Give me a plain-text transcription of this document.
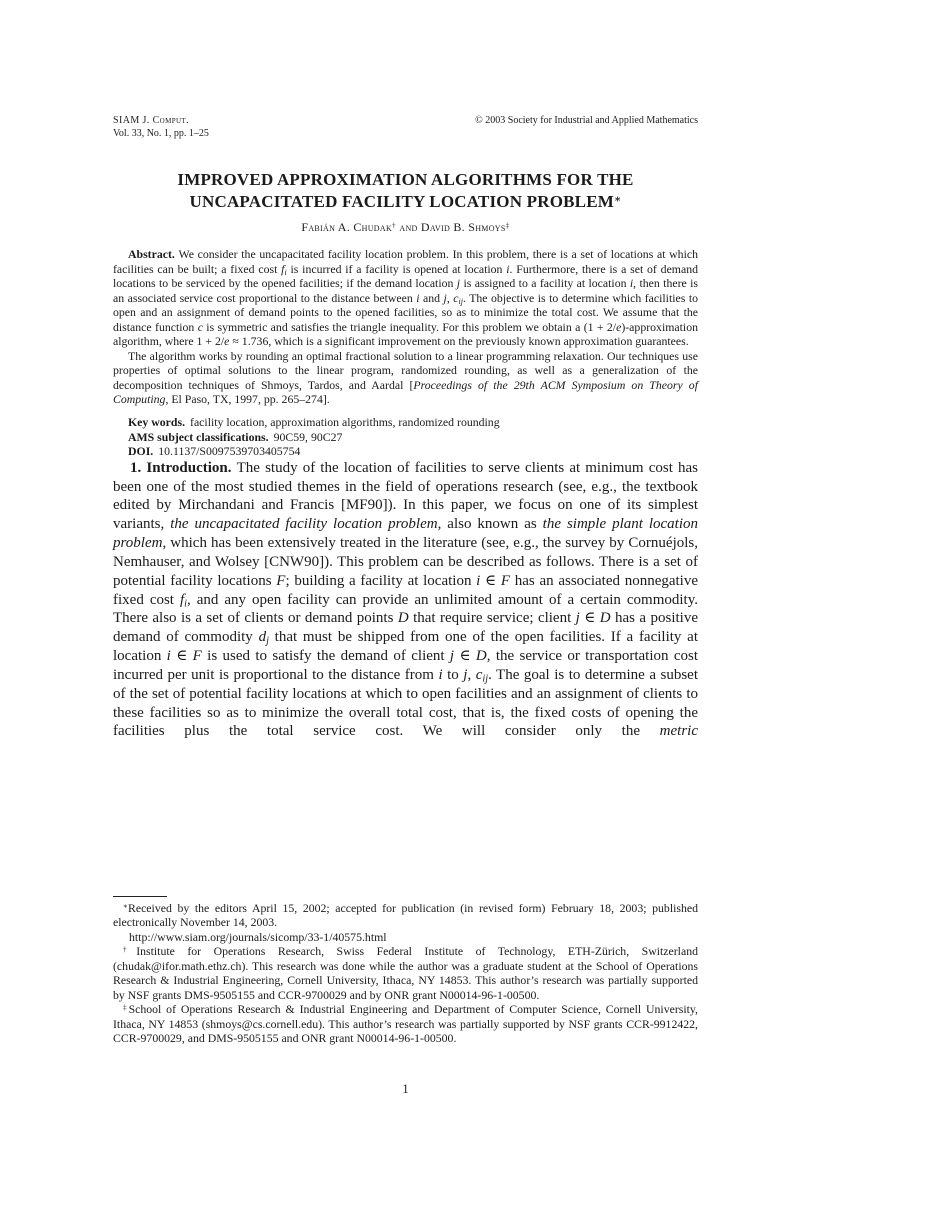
SIAM J. Comput.
Vol. 33, No. 1, pp. 1–25
© 2003 Society for Industrial and Applied Mathematics
IMPROVED APPROXIMATION ALGORITHMS FOR THE
UNCAPACITATED FACILITY LOCATION PROBLEM∗
Fabián A. Chudak† and David B. Shmoys‡

Abstract. We consider the uncapacitated facility location problem. In this problem, there is a set of locations at which facilities can be built; a fixed cost $f_i$ is incurred if a facility is opened at location i. Furthermore, there is a set of demand locations to be serviced by the opened facilities; if the demand location j is assigned to a facility at location i, then there is an associated service cost proportional to the distance between i and j, $c_{ij}$. The objective is to determine which facilities to open and an assignment of demand points to the opened facilities, so as to minimize the total cost. We assume that the distance function c is symmetric and satisfies the triangle inequality. For this problem we obtain a (1 + 2/e)-approximation algorithm, where 1 + 2/e ≈ 1.736, which is a significant improvement on the previously known approximation guarantees.

The algorithm works by rounding an optimal fractional solution to a linear programming relaxation. Our techniques use properties of optimal solutions to the linear program, randomized rounding, as well as a generalization of the decomposition techniques of Shmoys, Tardos, and Aardal [Proceedings of the 29th ACM Symposium on Theory of Computing, El Paso, TX, 1997, pp. 265–274].

Key words. facility location, approximation algorithms, randomized rounding

AMS subject classifications. 90C59, 90C27

DOI. 10.1137/S0097539703405754

1. Introduction. The study of the location of facilities to serve clients at minimum cost has been one of the most studied themes in the field of operations research (see, e.g., the textbook edited by Mirchandani and Francis [MF90]). In this paper, we focus on one of its simplest variants, the uncapacitated facility location problem, also known as the simple plant location problem, which has been extensively treated in the literature (see, e.g., the survey by Cornuéjols, Nemhauser, and Wolsey [CNW90]). This problem can be described as follows. There is a set of potential facility locations F; building a facility at location i ∈ F has an associated nonnegative fixed cost $f_i$, and any open facility can provide an unlimited amount of a certain commodity. There also is a set of clients or demand points D that require service; client j ∈ D has a positive demand of commodity $d_j$ that must be shipped from one of the open facilities. If a facility at location i ∈ F is used to satisfy the demand of client j ∈ D, the service or transportation cost incurred per unit is proportional to the distance from i to j, $c_{ij}$. The goal is to determine a subset of the set of potential facility locations at which to open facilities and an assignment of clients to these facilities so as to minimize the overall total cost, that is, the fixed costs of opening the facilities plus the total service cost. We will consider only the metric

∗Received by the editors April 15, 2002; accepted for publication (in revised form) February 18, 2003; published electronically November 14, 2003.

http://www.siam.org/journals/sicomp/33-1/40575.html

†Institute for Operations Research, Swiss Federal Institute of Technology, ETH-Zürich, Switzerland (chudak@ifor.math.ethz.ch). This research was done while the author was a graduate student at the School of Operations Research & Industrial Engineering, Cornell University, Ithaca, NY 14853. This author’s research was partially supported by NSF grants DMS-9505155 and CCR-9700029 and by ONR grant N00014-96-1-00500.

‡School of Operations Research & Industrial Engineering and Department of Computer Science, Cornell University, Ithaca, NY 14853 (shmoys@cs.cornell.edu). This author’s research was partially supported by NSF grants CCR-9912422, CCR-9700029, and DMS-9505155 and ONR grant N00014-96-1-00500.

1
